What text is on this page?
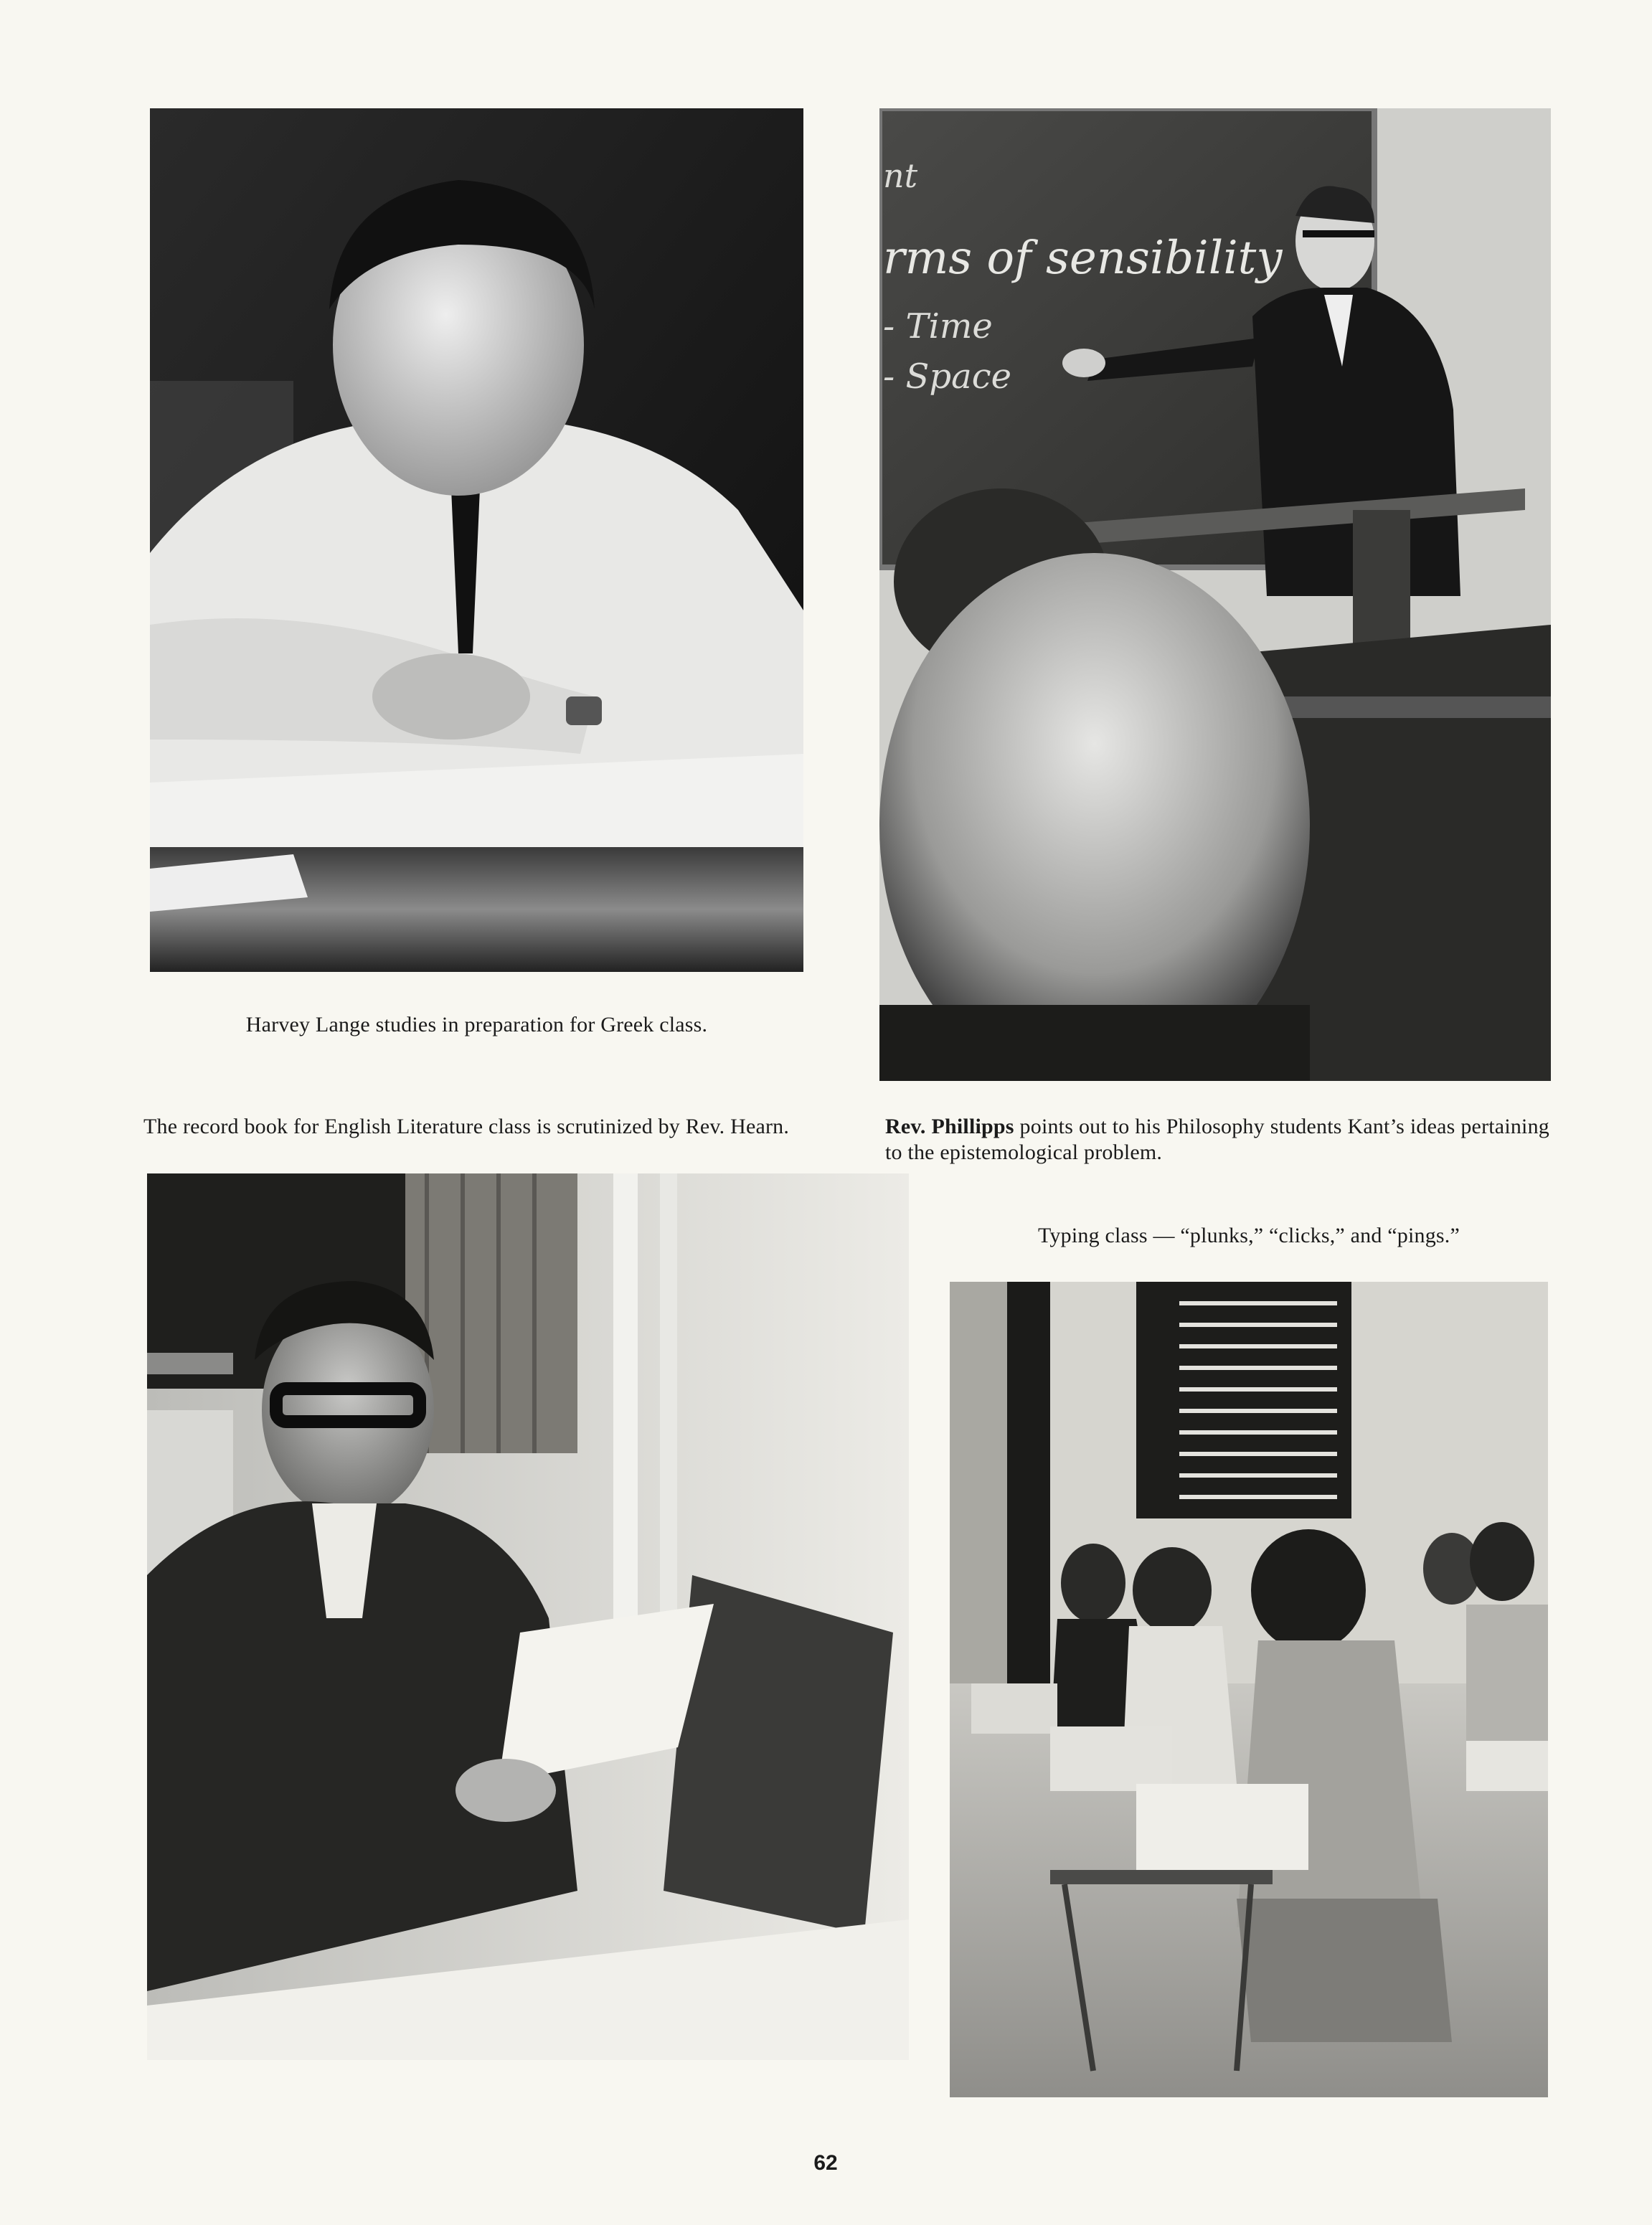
nt
rms of sensibility
- Time
- Space
Harvey Lange studies in preparation for Greek class.
The record book for English Literature class is scrutinized by Rev. Hearn.	Rev. Phillipps points out to his Philosophy students Kant’s ideas pertaining to the epistemological problem.
Typing class — “plunks,” “clicks,” and “pings.”
62
